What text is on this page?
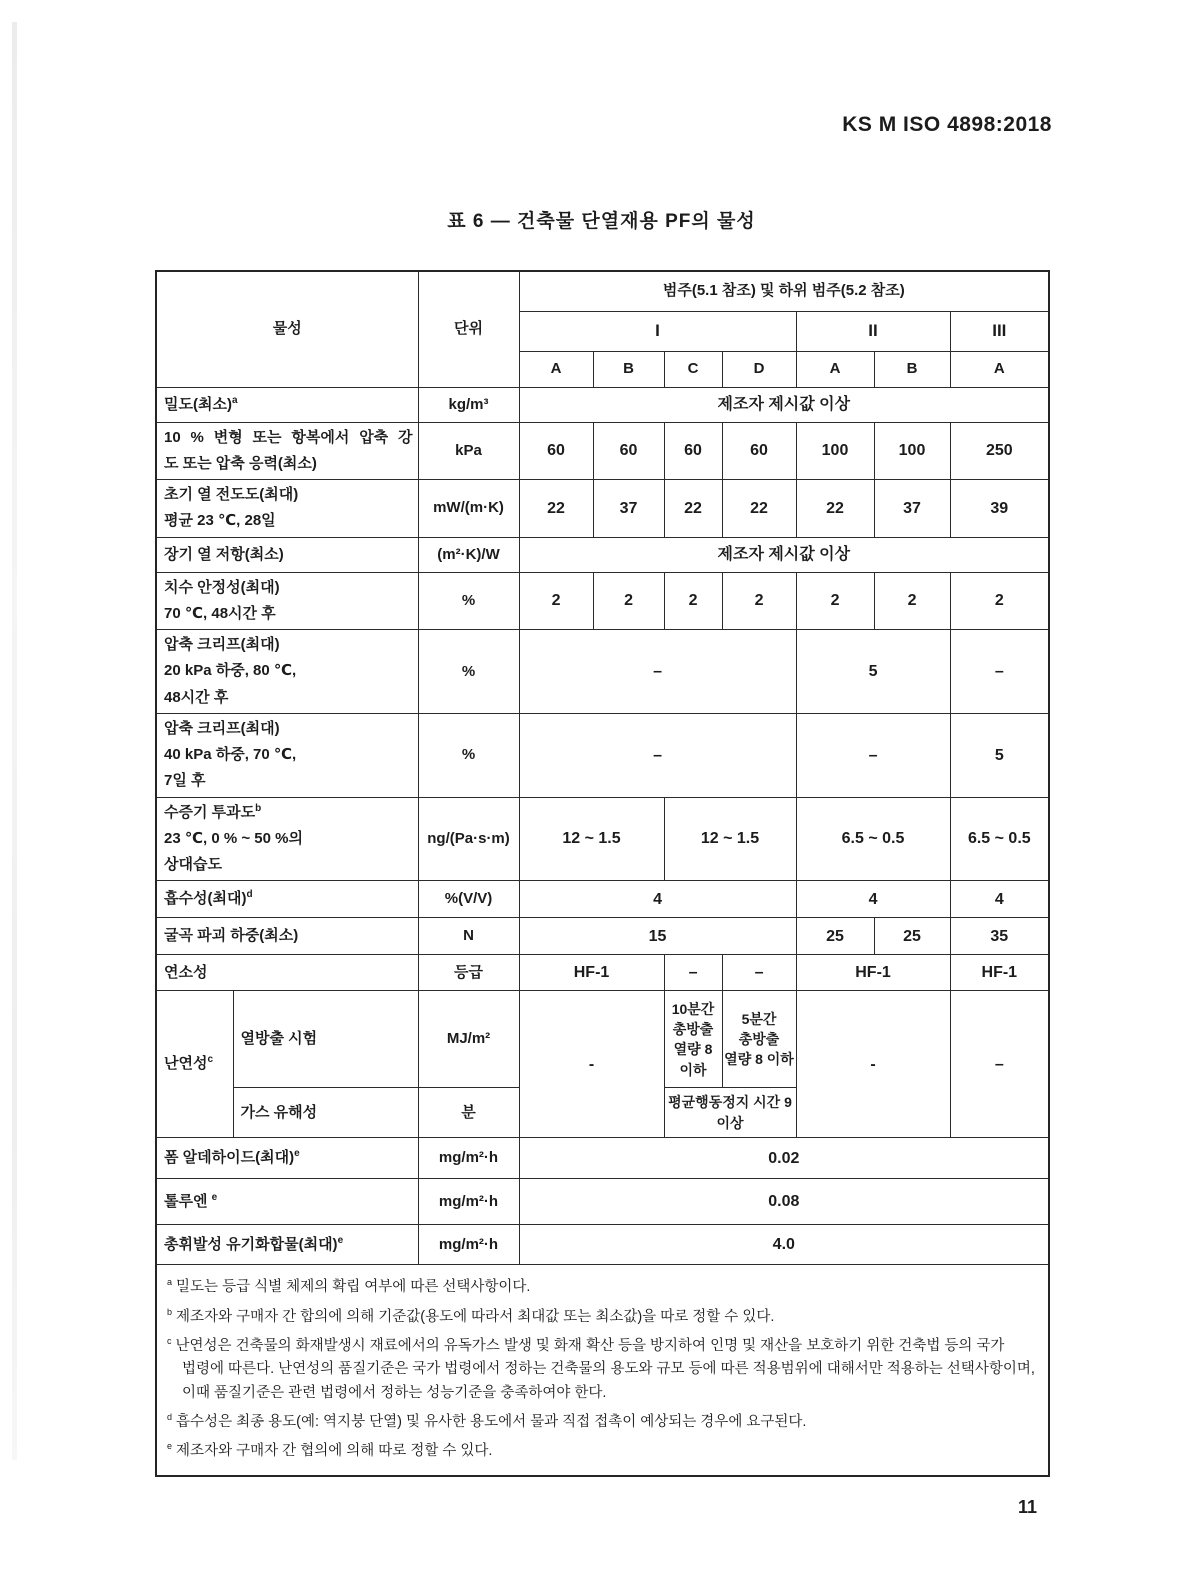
KS M ISO 4898:2018
표 6 — 건축물 단열재용 PF의 물성
물성		단위	범주(5.1 참조) 및 하위 범주(5.2 참조)						
			I				II		III
			A	B	C	D	A	B	A
밀도(최소)$^a$		kg/m³	제조자 제시값 이상						

10 % 변형 또는 항복에서 압축 강
도 또는 압축 응력(최소)		kPa	60	60	60	60	100	100	250

초기 열 전도도(최대)
평균 23 ℃, 28일		mW/(m·K)	22	37	22	22	22	37	39
장기 열 저항(최소)		(m²·K)/W	제조자 제시값 이상						

치수 안정성(최대)
70 ℃, 48시간 후		%	2	2	2	2	2	2	2

압축 크리프(최대)
20 kPa 하중, 80 ℃,
48시간 후		%	–				5		–

압축 크리프(최대)
40 kPa 하중, 70 ℃,
7일 후		%	–				–		5

수증기 투과도$^b$
23 ℃, 0 % ~ 50 %의
상대습도		ng/(Pa·s·m)	12 ~ 1.5		12 ~ 1.5		6.5 ~ 0.5		6.5 ~ 0.5
흡수성(최대)$^d$		%(V/V)	4				4		4
굴곡 파괴 하중(최소)		N	15				25	25	35
연소성		등급	HF-1		–	–	HF-1		HF-1
난연성$^c$	열방출 시험	MJ/m²	-		10분간 총방출 열량 8 이하	5분간 총방출 열량 8 이하	-		–
	가스 유해성	분			평균행동정지 시간 9 이상				
폼 알데하이드(최대)$^e$		mg/m²·h	0.02						
톨루엔 $^e$		mg/m²·h	0.08						
총휘발성 유기화합물(최대)$^e$		mg/m²·h	4.0						

$^a$ 밀도는 등급 식별 체제의 확립 여부에 따른 선택사항이다.

$^b$ 제조자와 구매자 간 합의에 의해 기준값(용도에 따라서 최대값 또는 최소값)을 따로 정할 수 있다.

$^c$ 난연성은 건축물의 화재발생시 재료에서의 유독가스 발생 및 화재 확산 등을 방지하여 인명 및 재산을 보호하기 위한 건축법 등의 국가 법령에 따른다. 난연성의 품질기준은 국가 법령에서 정하는 건축물의 용도와 규모 등에 따른 적용범위에 대해서만 적용하는 선택사항이며, 이때 품질기준은 관련 법령에서 정하는 성능기준을 충족하여야 한다.

$^d$ 흡수성은 최종 용도(예: 역지붕 단열) 및 유사한 용도에서 물과 직접 접촉이 예상되는 경우에 요구된다.

$^e$ 제조자와 구매자 간 협의에 의해 따로 정할 수 있다.									

11
